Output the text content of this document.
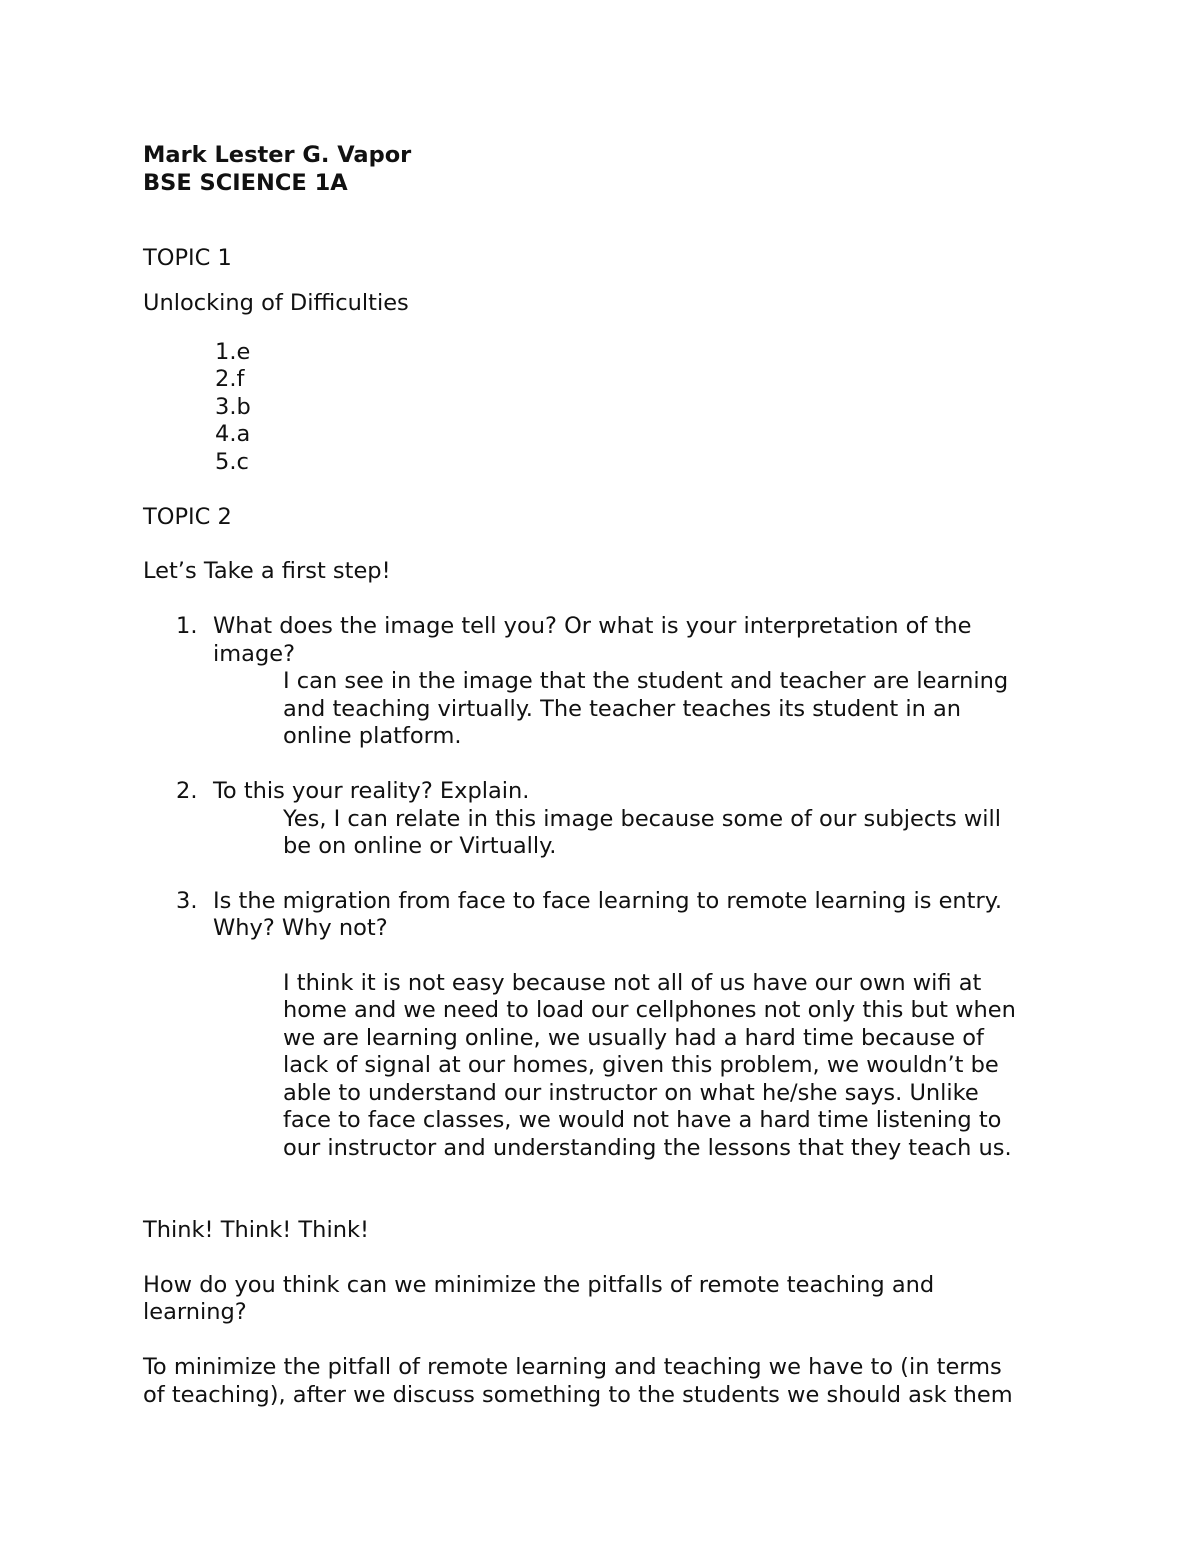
Mark Lester G. Vapor
BSE SCIENCE 1A
TOPIC 1
Unlocking of Difficulties
1.e
2.f
3.b
4.a
5.c
TOPIC 2
Let’s Take a first step!
1. What does the image tell you? Or what is your interpretation of the
image?
I can see in the image that the student and teacher are learning
and teaching virtually. The teacher teaches its student in an
online platform.
2. To this your reality? Explain.
Yes, I can relate in this image because some of our subjects will
be on online or Virtually.
3. Is the migration from face to face learning to remote learning is entry.
Why? Why not?
I think it is not easy because not all of us have our own wifi at
home and we need to load our cellphones not only this but when
we are learning online, we usually had a hard time because of
lack of signal at our homes, given this problem, we wouldn’t be
able to understand our instructor on what he/she says. Unlike
face to face classes, we would not have a hard time listening to
our instructor and understanding the lessons that they teach us.
Think! Think! Think!
How do you think can we minimize the pitfalls of remote teaching and
learning?
To minimize the pitfall of remote learning and teaching we have to (in terms
of teaching), after we discuss something to the students we should ask them
